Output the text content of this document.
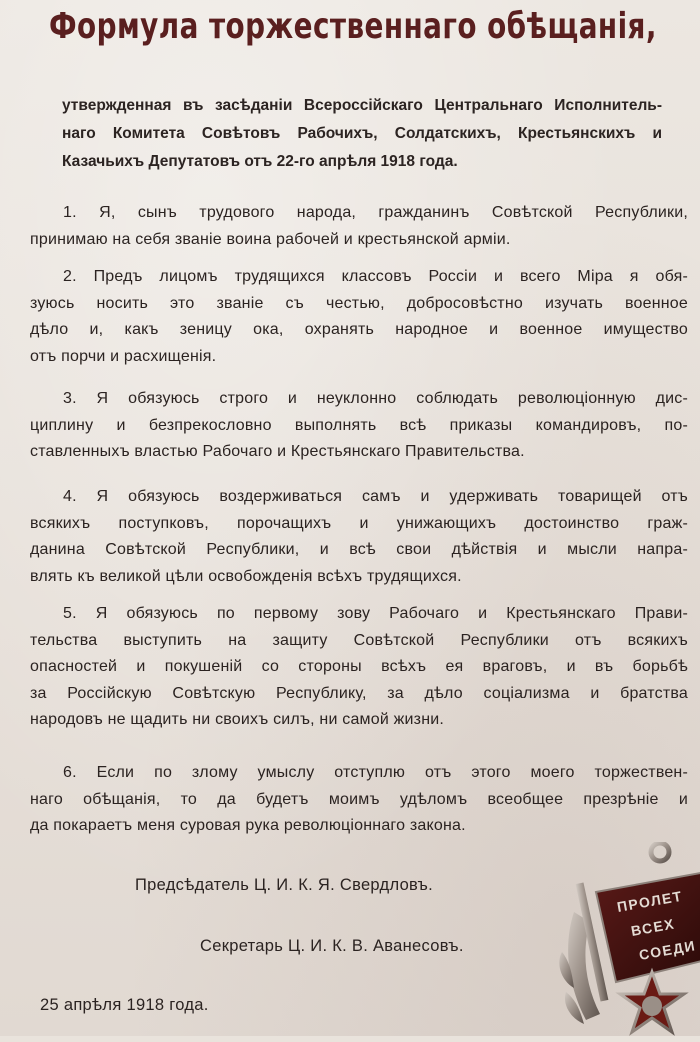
Формула торжественнаго обѣщанія,
утвержденная въ засѣданіи Всероссійскаго Центральнаго Исполнитель-
наго Комитета Совѣтовъ Рабочихъ, Солдатскихъ, Крестьянскихъ и
Казачьихъ Депутатовъ отъ 22-го апрѣля 1918 года.
1. Я, сынъ трудового народа, гражданинъ Совѣтской Республики,
принимаю на себя званіе воина рабочей и крестьянской арміи.
2. Предъ лицомъ трудящихся классовъ Россіи и всего Міра я обя-
зуюсь носить это званіе съ честью, добросовѣстно изучать военное
дѣло и, какъ зеницу ока, охранять народное и военное имущество
отъ порчи и расхищенія.
3. Я обязуюсь строго и неуклонно соблюдать революціонную дис-
циплину и безпрекословно выполнять всѣ приказы командировъ, по-
ставленныхъ властью Рабочаго и Крестьянскаго Правительства.
4. Я обязуюсь воздерживаться самъ и удерживать товарищей отъ
всякихъ поступковъ, порочащихъ и унижающихъ достоинство граж-
данина Совѣтской Республики, и всѣ свои дѣйствія и мысли напра-
влять къ великой цѣли освобожденія всѣхъ трудящихся.
5. Я обязуюсь по первому зову Рабочаго и Крестьянскаго Прави-
тельства выступить на защиту Совѣтской Республики отъ всякихъ
опасностей и покушеній со стороны всѣхъ ея враговъ, и въ борьбѣ
за Россійскую Совѣтскую Республику, за дѣло соціализма и братства
народовъ не щадить ни своихъ силъ, ни самой жизни.
6. Если по злому умыслу отступлю отъ этого моего торжествен-
наго обѣщанія, то да будетъ моимъ удѣломъ всеобщее презрѣніе и
да покараетъ меня суровая рука революціоннаго закона.
Предсѣдатель Ц. И. К. Я. Свердловъ.
Секретарь Ц. И. К. В. Аванесовъ.
25 апрѣля 1918 года.
ПРОЛЕТ
ВСЕХ
СОЕДИ
